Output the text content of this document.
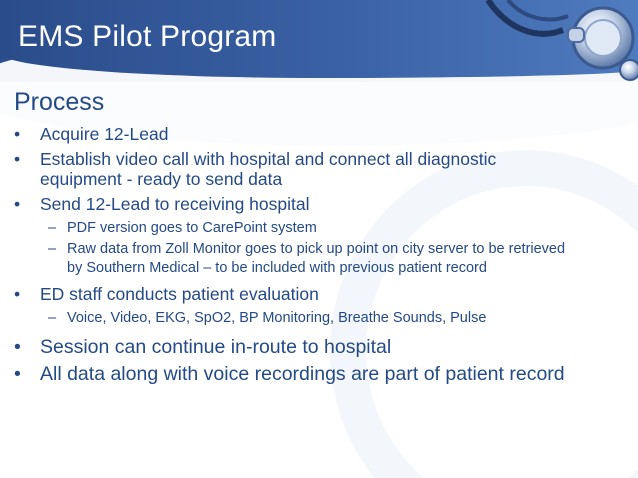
EMS Pilot Program
Process
• Acquire 12-Lead
• Establish video call with hospital and connect all diagnostic equipment - ready to send data
• Send 12-Lead to receiving hospital
– PDF version goes to CarePoint system
– Raw data from Zoll Monitor goes to pick up point on city server to be retrieved by Southern Medical – to be included with previous patient record
• ED staff conducts patient evaluation
– Voice, Video, EKG, SpO2, BP Monitoring, Breathe Sounds, Pulse
• Session can continue in-route to hospital
• All data along with voice recordings are part of patient record
